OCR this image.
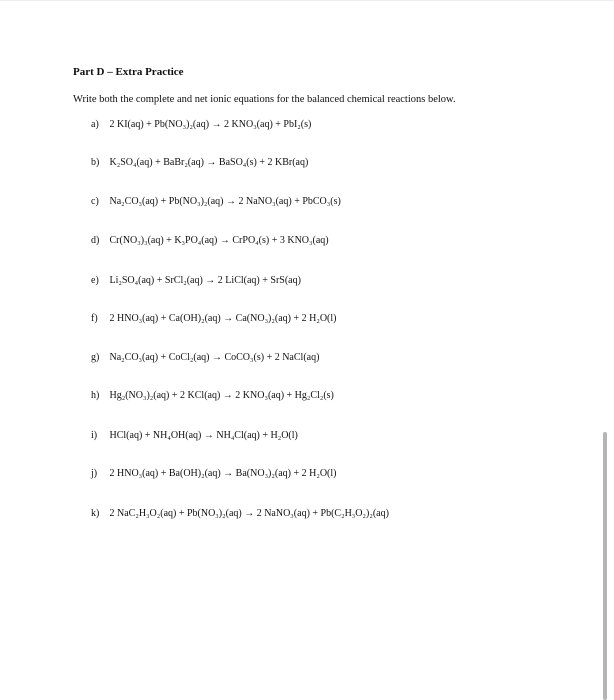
Part D – Extra Practice
Write both the complete and net ionic equations for the balanced chemical reactions below.
a) 2 KI(aq) + Pb(NO₃)₂(aq) → 2 KNO₃(aq) + PbI₂(s)
b) K₂SO₄(aq) + BaBr₂(aq) → BaSO₄(s) + 2 KBr(aq)
c) Na₂CO₃(aq) + Pb(NO₃)₂(aq) → 2 NaNO₃(aq) + PbCO₃(s)
d) Cr(NO₃)₃(aq) + K₃PO₄(aq) → CrPO₄(s) + 3 KNO₃(aq)
e) Li₂SO₄(aq) + SrCl₂(aq) → 2 LiCl(aq) + SrS(aq)
f) 2 HNO₃(aq) + Ca(OH)₂(aq) → Ca(NO₃)₂(aq) + 2 H₂O(l)
g) Na₂CO₃(aq) + CoCl₂(aq) → CoCO₃(s) + 2 NaCl(aq)
h) Hg₂(NO₃)₂(aq) + 2 KCl(aq) → 2 KNO₃(aq) + Hg₂Cl₂(s)
i) HCl(aq) + NH₄OH(aq) → NH₄Cl(aq) + H₂O(l)
j) 2 HNO₃(aq) + Ba(OH)₂(aq) → Ba(NO₃)₂(aq) + 2 H₂O(l)
k) 2 NaC₂H₃O₂(aq) + Pb(NO₃)₂(aq) → 2 NaNO₃(aq) + Pb(C₂H₃O₂)₂(aq)
